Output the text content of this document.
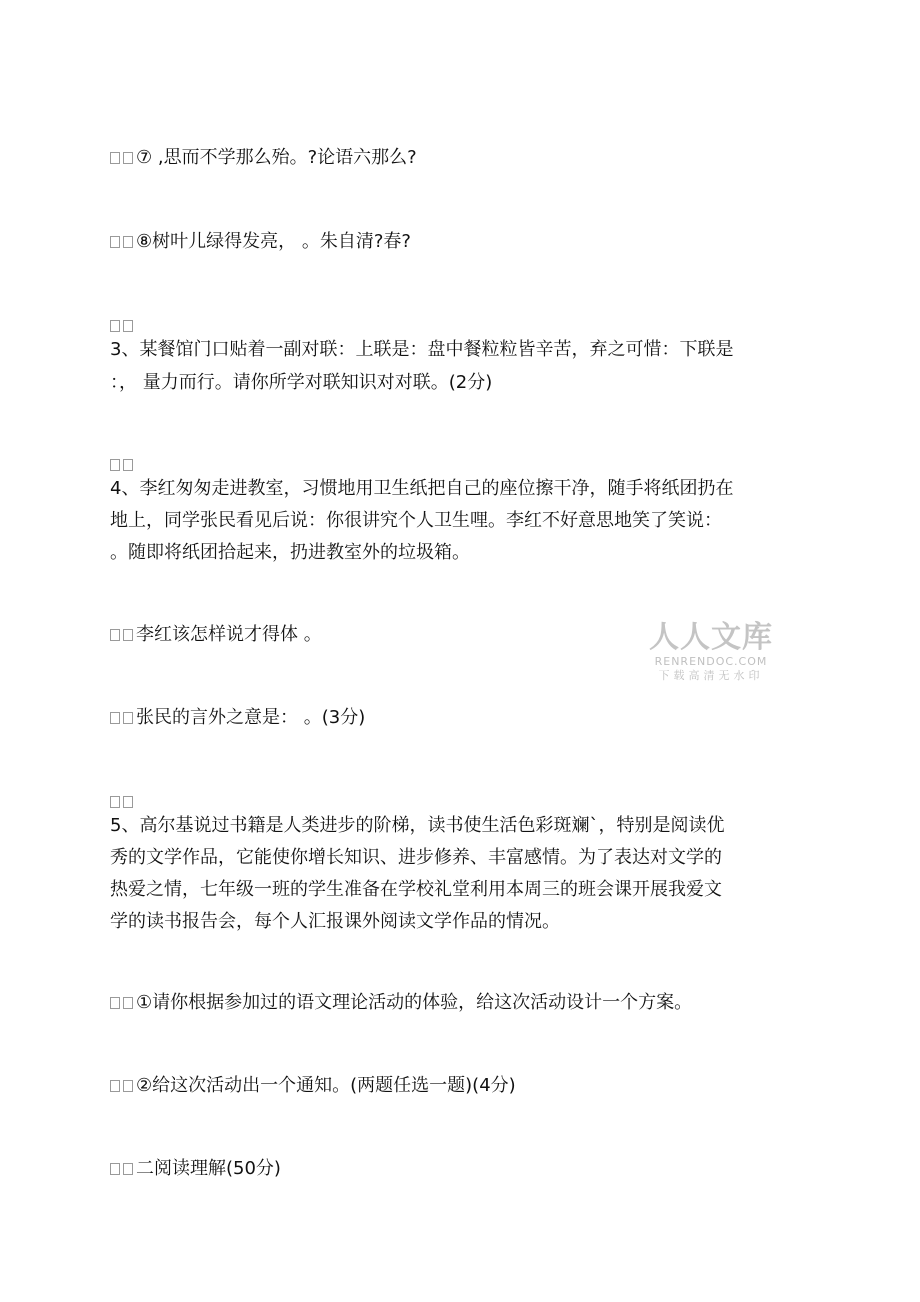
⑦ ,思而不学那么殆。?论语六那么?
⑧树叶儿绿得发亮， 。朱自清?春?
3、某餐馆门口贴着一副对联：上联是：盘中餐粒粒皆辛苦，弃之可惜：下联是
：， 量力而行。请你所学对联知识对对联。(2分)
4、李红匆匆走进教室，习惯地用卫生纸把自己的座位擦干净，随手将纸团扔在
地上，同学张民看见后说：你很讲究个人卫生哩。李红不好意思地笑了笑说：
。随即将纸团拾起来，扔进教室外的垃圾箱。
李红该怎样说才得体 。	人人文库
RENRENDOC.COM
下载高清无水印
张民的言外之意是： 。(3分)
5、高尔基说过书籍是人类进步的阶梯，读书使生活色彩斑斓`，特别是阅读优
秀的文学作品，它能使你增长知识、进步修养、丰富感情。为了表达对文学的
热爱之情，七年级一班的学生准备在学校礼堂利用本周三的班会课开展我爱文
学的读书报告会，每个人汇报课外阅读文学作品的情况。
①请你根据参加过的语文理论活动的体验，给这次活动设计一个方案。
②给这次活动出一个通知。(两题任选一题)(4分)
二阅读理解(50分)
